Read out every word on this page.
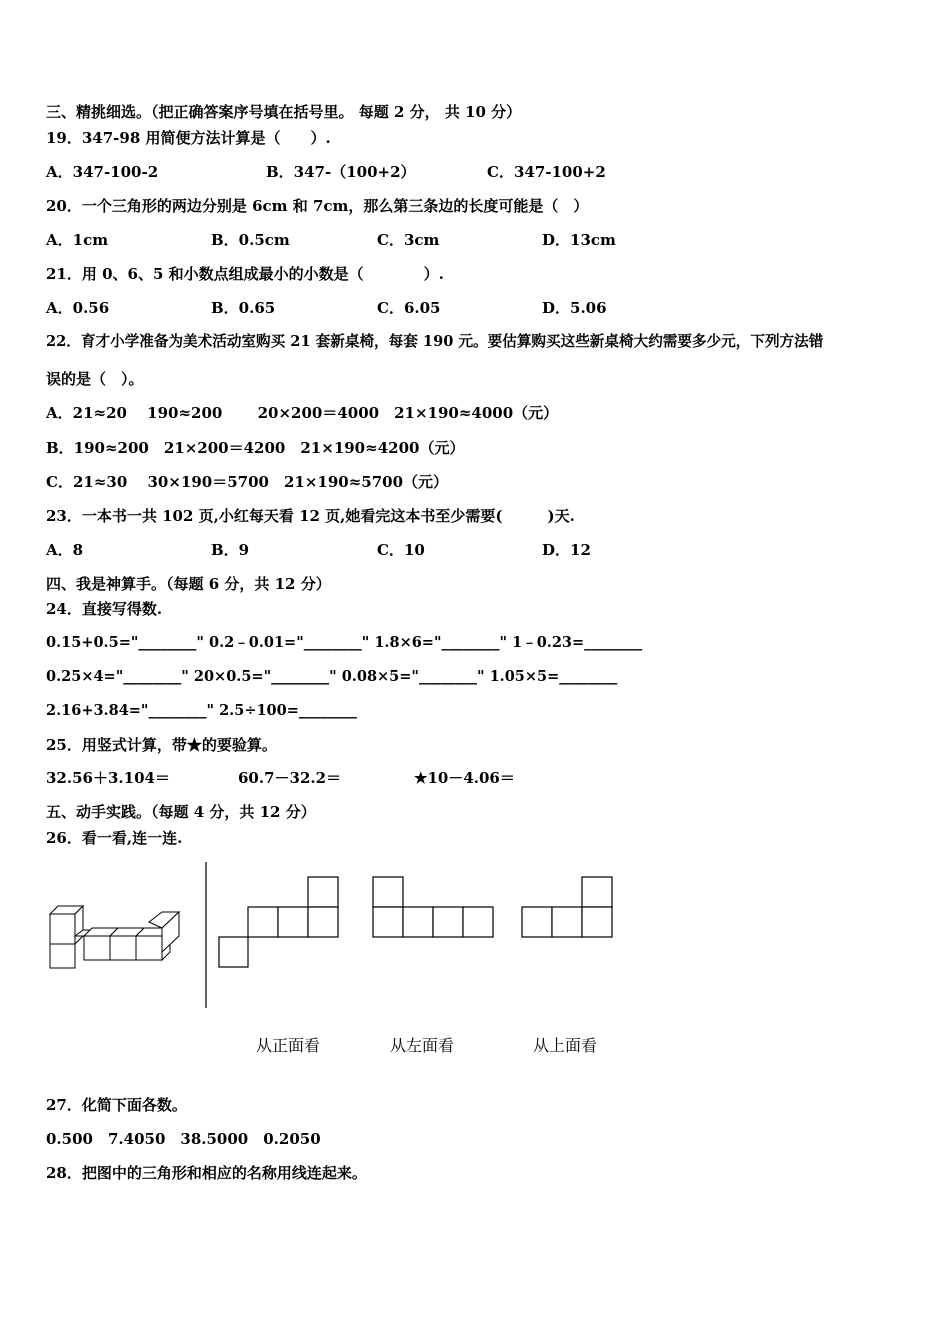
三、精挑细选。（把正确答案序号填在括号里。 每题 2 分， 共 10 分）
19．347-98 用简便方法计算是（　　）.
A．347-100-2	B．347-（100+2）	C．347-100+2
20．一个三角形的两边分别是 6cm 和 7cm，那么第三条边的长度可能是（　）
A．1cm	B．0.5cm	C．3cm	D．13cm
21．用 0、6、5 和小数点组成最小的小数是（　　　　）.
A．0.56	B．0.65	C．6.05	D．5.06
22．育才小学准备为美术活动室购买 21 套新桌椅，每套 190 元。要估算购买这些新桌椅大约需要多少元，下列方法错
误的是（　）。
A．21≈20　 190≈200　　 20×200＝4000　21×190≈4000（元）
B．190≈200　21×200＝4200　21×190≈4200（元）
C．21≈30　 30×190＝5700　21×190≈5700（元）
23．一本书一共 102 页,小红每天看 12 页,她看完这本书至少需要(　　　)天.
A．8	B．9	C．10	D．12
四、我是神算手。（每题 6 分，共 12 分）
24．直接写得数.
0.15+0.5="________" 0.2﹣0.01="________" 1.8×6="________" 1﹣0.23=________
0.25×4="________" 20×0.5="________" 0.08×5="________" 1.05×5=________
2.16+3.84="________" 2.5÷100=________
25．用竖式计算，带★的要验算。
32.56＋3.104＝	60.7－32.2＝	★10－4.06＝
五、动手实践。（每题 4 分，共 12 分）
26．看一看,连一连.
从正面看	从左面看	从上面看
27．化简下面各数。
0.500　7.4050　38.5000　0.2050
28．把图中的三角形和相应的名称用线连起来。
